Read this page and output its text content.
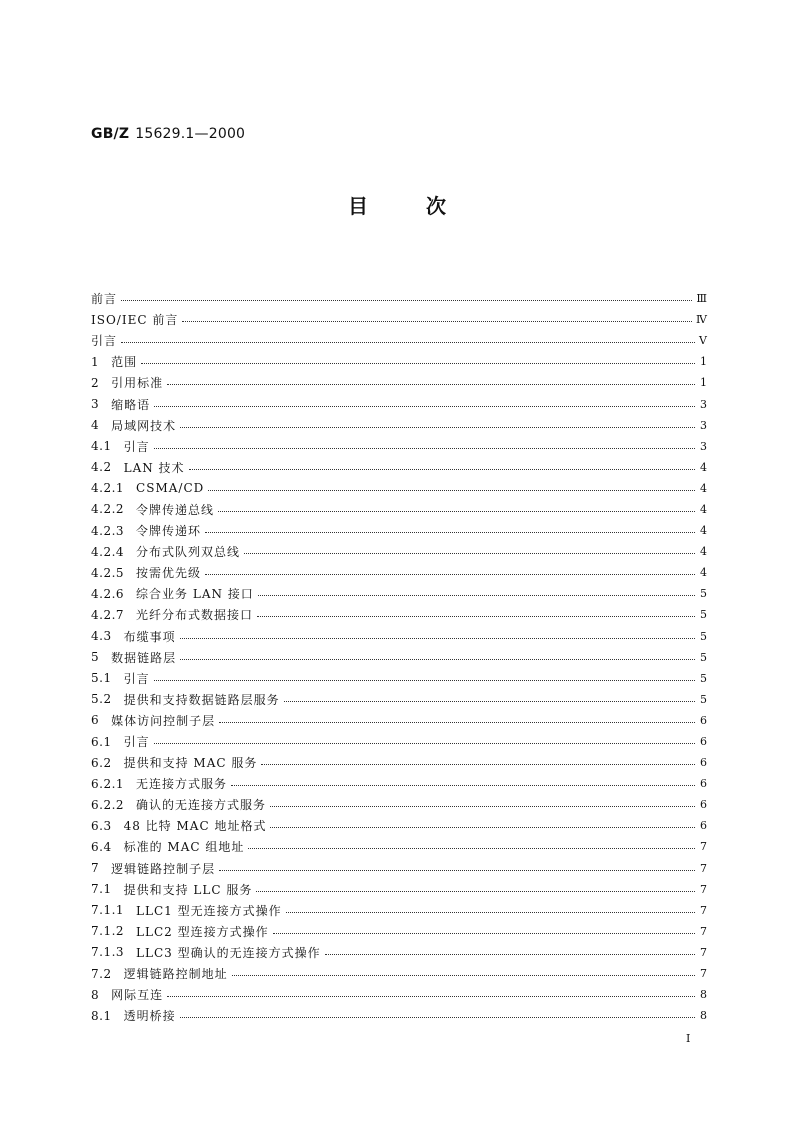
GB/Z 15629.1—2000
目次
前言	Ⅲ
ISO/IEC 前言	Ⅳ
引言	Ⅴ
1 范围	1
2 引用标准	1
3 缩略语	3
4 局域网技术	3
4.1 引言	3
4.2 LAN 技术	4
4.2.1 CSMA/CD	4
4.2.2 令牌传递总线	4
4.2.3 令牌传递环	4
4.2.4 分布式队列双总线	4
4.2.5 按需优先级	4
4.2.6 综合业务 LAN 接口	5
4.2.7 光纤分布式数据接口	5
4.3 布缆事项	5
5 数据链路层	5
5.1 引言	5
5.2 提供和支持数据链路层服务	5
6 媒体访问控制子层	6
6.1 引言	6
6.2 提供和支持 MAC 服务	6
6.2.1 无连接方式服务	6
6.2.2 确认的无连接方式服务	6
6.3 48 比特 MAC 地址格式	6
6.4 标准的 MAC 组地址	7
7 逻辑链路控制子层	7
7.1 提供和支持 LLC 服务	7
7.1.1 LLC1 型无连接方式操作	7
7.1.2 LLC2 型连接方式操作	7
7.1.3 LLC3 型确认的无连接方式操作	7
7.2 逻辑链路控制地址	7
8 网际互连	8
8.1 透明桥接	8
Ⅰ
